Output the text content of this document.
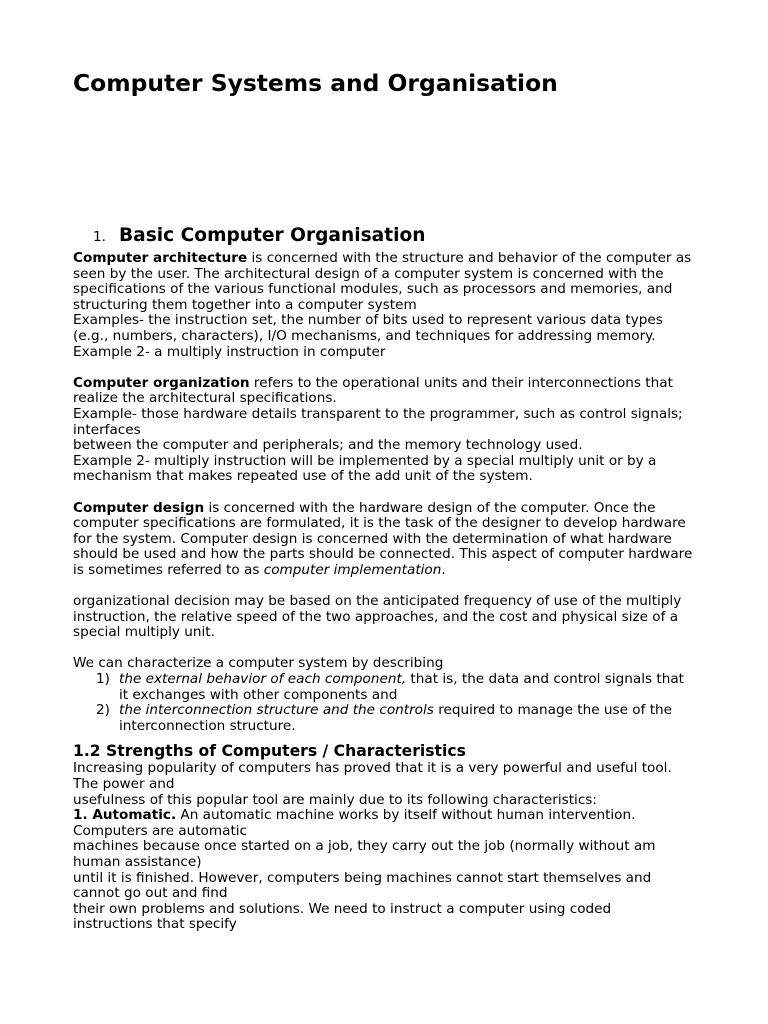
Computer Systems and Organisation
1. Basic Computer Organisation

Computer architecture is concerned with the structure and behavior of the computer as seen by the user. The architectural design of a computer system is concerned with the specifications of the various functional modules, such as processors and memories, and structuring them together into a computer system

Examples- the instruction set, the number of bits used to represent various data types (e.g., numbers, characters), I/O mechanisms, and techniques for addressing memory.

Example 2- a multiply instruction in computer

Computer organization refers to the operational units and their interconnections that realize the architectural specifications.

Example- those hardware details transparent to the programmer, such as control signals; interfaces

between the computer and peripherals; and the memory technology used.

Example 2- multiply instruction will be implemented by a special multiply unit or by a mechanism that makes repeated use of the add unit of the system.

Computer design is concerned with the hardware design of the computer. Once the computer specifications are formulated, it is the task of the designer to develop hardware for the system. Computer design is concerned with the determination of what hardware should be used and how the parts should be connected. This aspect of computer hardware is sometimes referred to as computer implementation.

organizational decision may be based on the anticipated frequency of use of the multiply instruction, the relative speed of the two approaches, and the cost and physical size of a special multiply unit.

We can characterize a computer system by describing

1) the external behavior of each component, that is, the data and control signals that it exchanges with other components and
2) the interconnection structure and the controls required to manage the use of the interconnection structure.
1.2 Strengths of Computers / Characteristics

Increasing popularity of computers has proved that it is a very powerful and useful tool. The power and

usefulness of this popular tool are mainly due to its following characteristics:

1. Automatic. An automatic machine works by itself without human intervention. Computers are automatic

machines because once started on a job, they carry out the job (normally without am human assistance)

until it is finished. However, computers being machines cannot start themselves and cannot go out and find

their own problems and solutions. We need to instruct a computer using coded instructions that specify
